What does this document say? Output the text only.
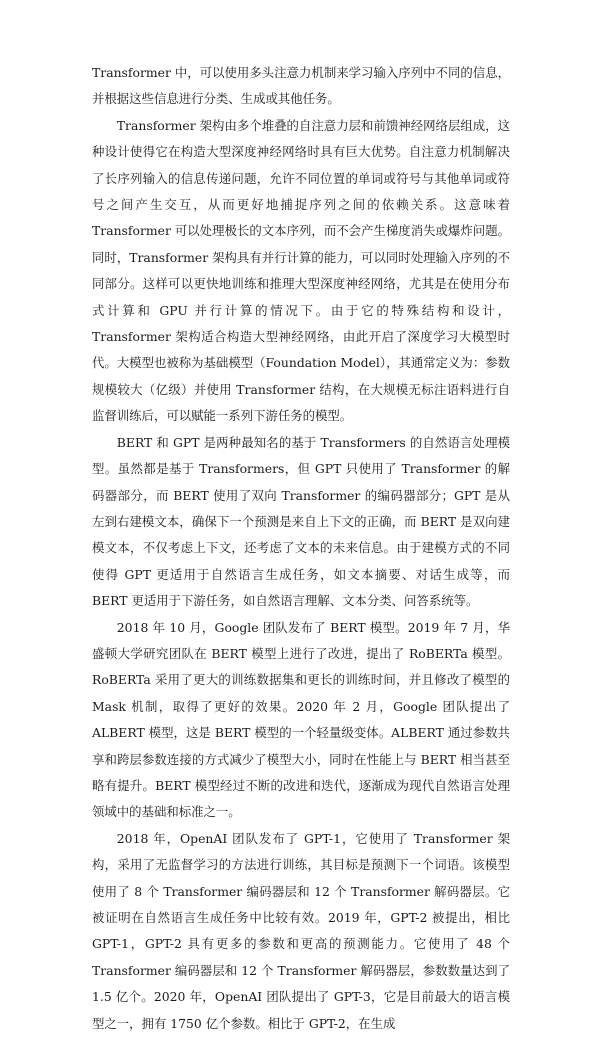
Transformer 中，可以使用多头注意力机制来学习输入序列中不同的信息，并根据这些信息进行分类、生成或其他任务。

Transformer 架构由多个堆叠的自注意力层和前馈神经网络层组成，这种设计使得它在构造大型深度神经网络时具有巨大优势。自注意力机制解决了长序列输入的信息传递问题，允许不同位置的单词或符号与其他单词或符号之间产生交互，从而更好地捕捉序列之间的依赖关系。这意味着 Transformer 可以处理极长的文本序列，而不会产生梯度消失或爆炸问题。同时，Transformer 架构具有并行计算的能力，可以同时处理输入序列的不同部分。这样可以更快地训练和推理大型深度神经网络，尤其是在使用分布式计算和 GPU 并行计算的情况下。由于它的特殊结构和设计，Transformer 架构适合构造大型神经网络，由此开启了深度学习大模型时代。大模型也被称为基础模型（Foundation Model），其通常定义为：参数规模较大（亿级）并使用 Transformer 结构，在大规模无标注语料进行自监督训练后，可以赋能一系列下游任务的模型。

BERT 和 GPT 是两种最知名的基于 Transformers 的自然语言处理模型。虽然都是基于 Transformers，但 GPT 只使用了 Transformer 的解码器部分，而 BERT 使用了双向 Transformer 的编码器部分；GPT 是从左到右建模文本，确保下一个预测是来自上下文的正确，而 BERT 是双向建模文本，不仅考虑上下文，还考虑了文本的未来信息。由于建模方式的不同使得 GPT 更适用于自然语言生成任务，如文本摘要、对话生成等，而 BERT 更适用于下游任务，如自然语言理解、文本分类、问答系统等。

2018 年 10 月，Google 团队发布了 BERT 模型。2019 年 7 月，华盛顿大学研究团队在 BERT 模型上进行了改进，提出了 RoBERTa 模型。RoBERTa 采用了更大的训练数据集和更长的训练时间，并且修改了模型的 Mask 机制，取得了更好的效果。2020 年 2 月，Google 团队提出了 ALBERT 模型，这是 BERT 模型的一个轻量级变体。ALBERT 通过参数共享和跨层参数连接的方式减少了模型大小，同时在性能上与 BERT 相当甚至略有提升。BERT 模型经过不断的改进和迭代，逐渐成为现代自然语言处理领域中的基础和标准之一。

2018 年，OpenAI 团队发布了 GPT-1，它使用了 Transformer 架构，采用了无监督学习的方法进行训练，其目标是预测下一个词语。该模型使用了 8 个 Transformer 编码器层和 12 个 Transformer 解码器层。它被证明在自然语言生成任务中比较有效。2019 年，GPT-2 被提出，相比 GPT-1，GPT-2 具有更多的参数和更高的预测能力。它使用了 48 个 Transformer 编码器层和 12 个 Transformer 解码器层，参数数量达到了 1.5 亿个。2020 年，OpenAI 团队提出了 GPT-3，它是目前最大的语言模型之一，拥有 1750 亿个参数。相比于 GPT-2，在生成
